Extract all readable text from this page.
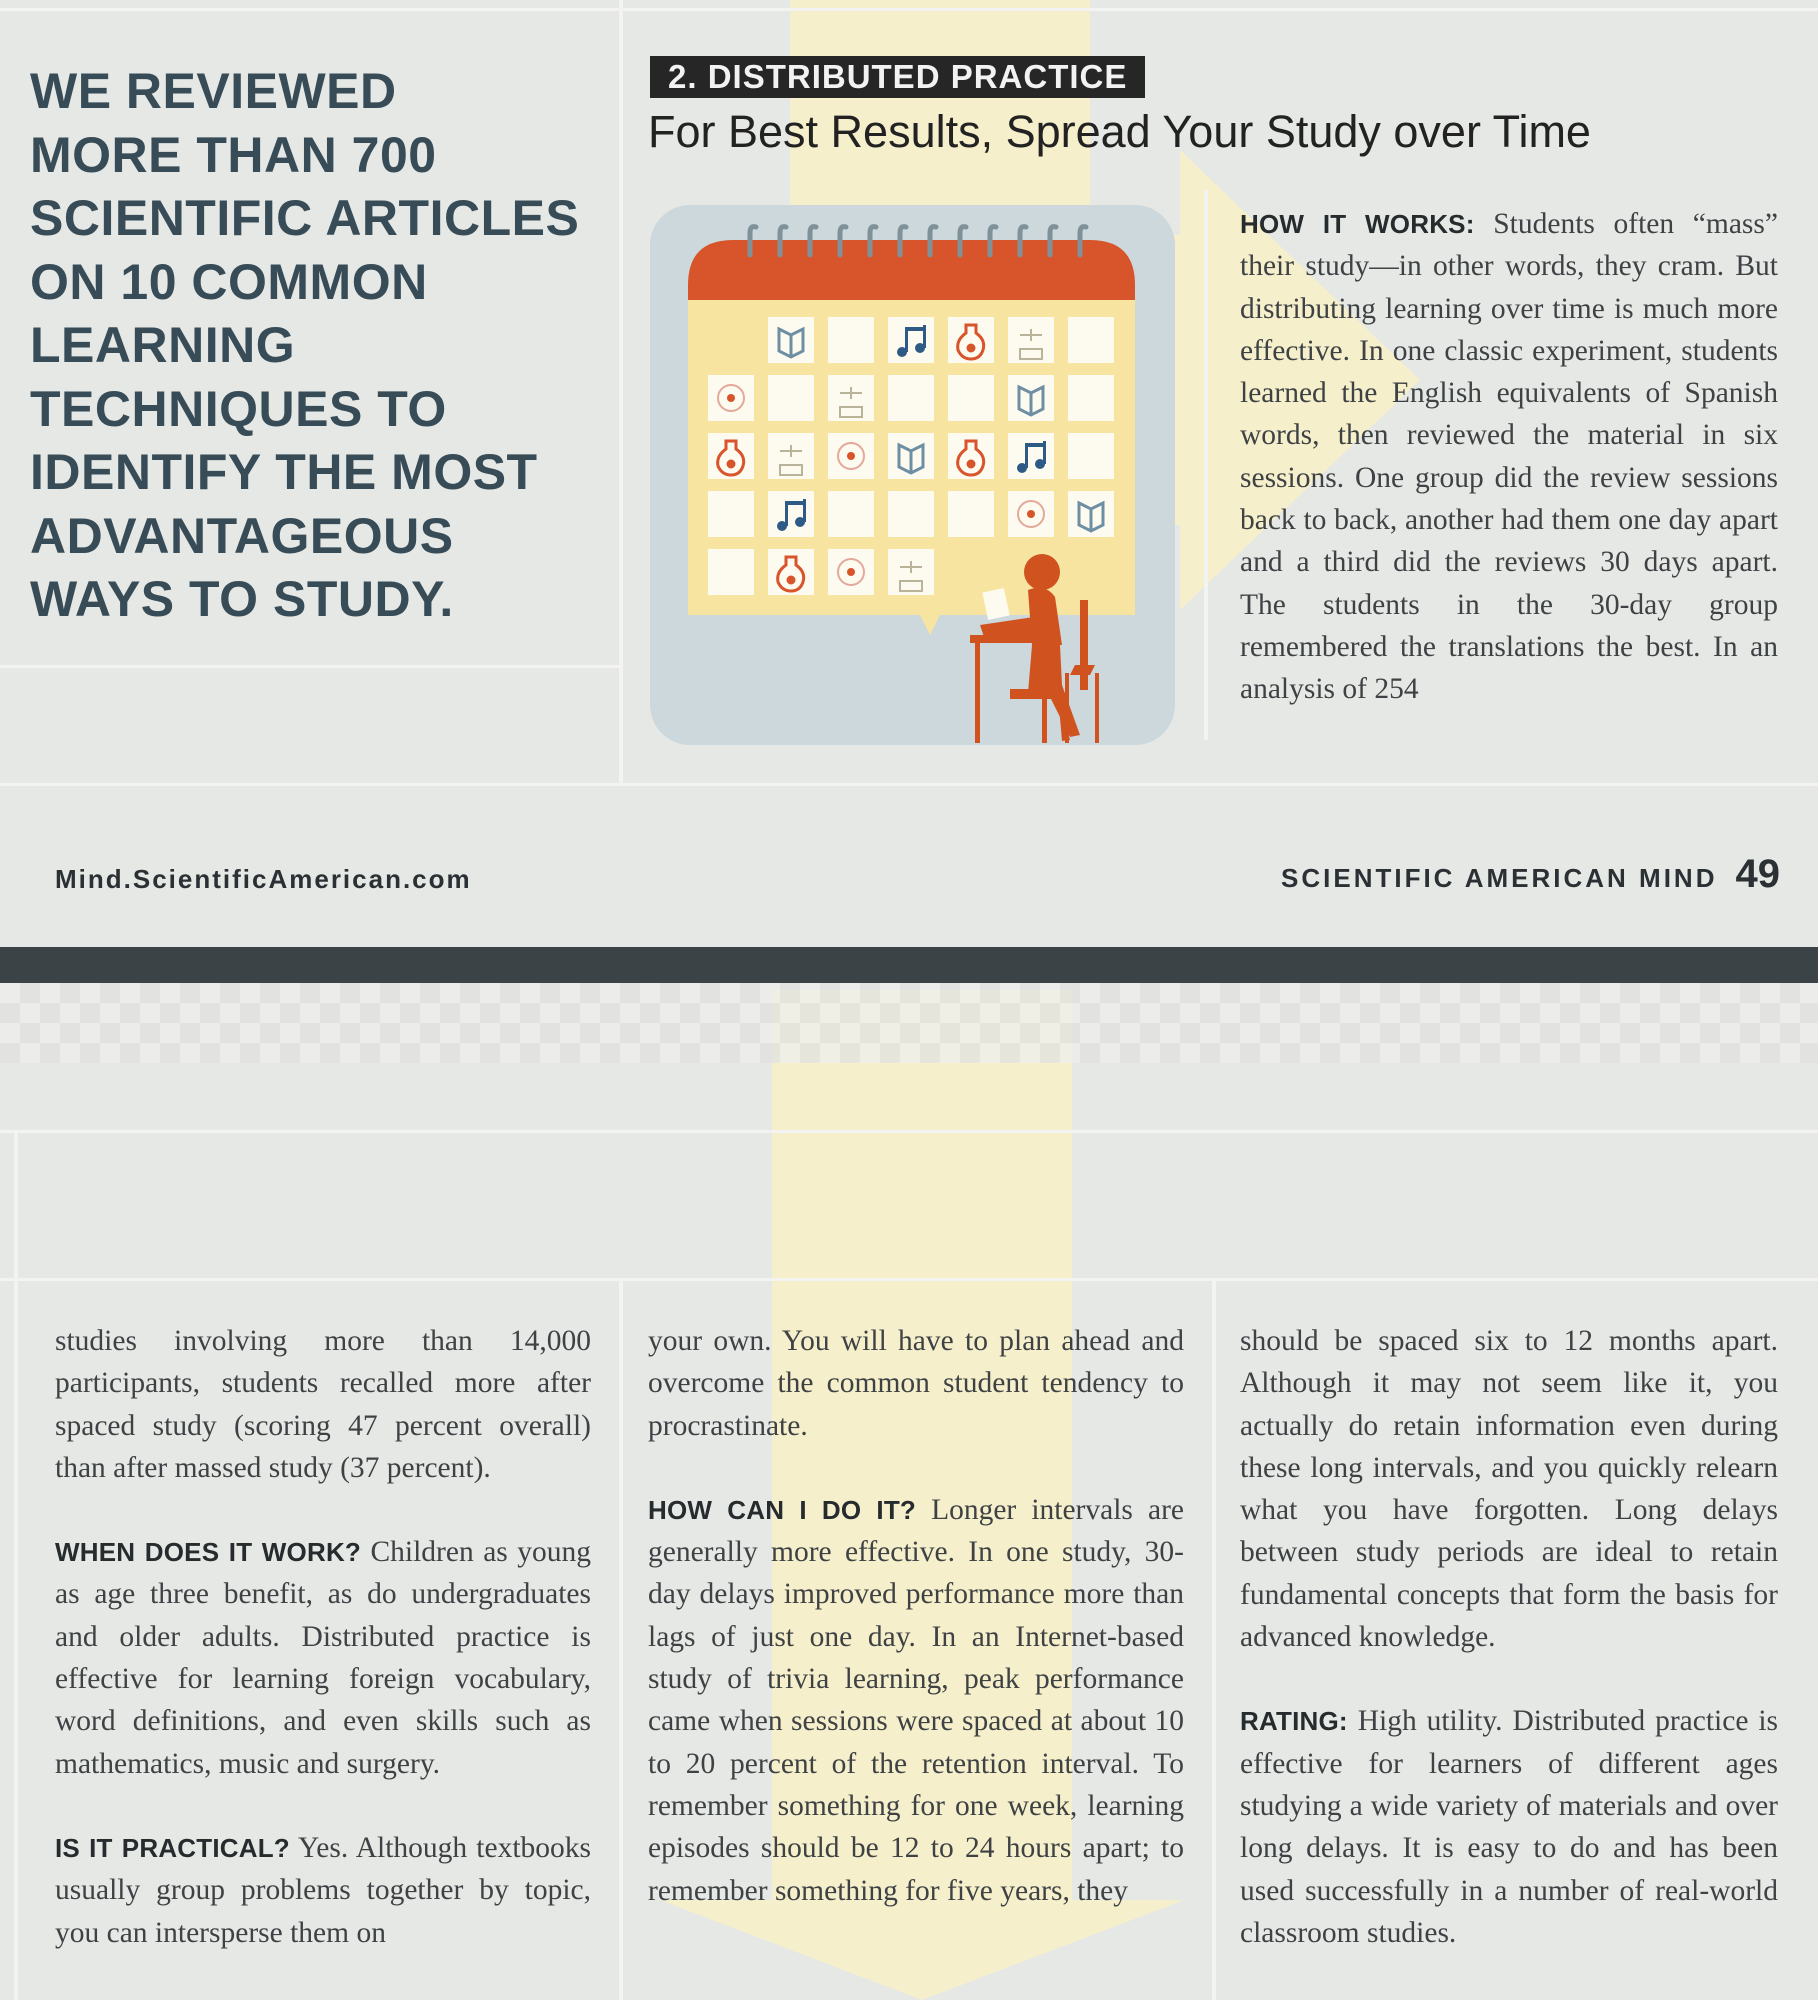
WE REVIEWED
MORE THAN 700
SCIENTIFIC ARTICLES
ON 10 COMMON
LEARNING
TECHNIQUES TO
IDENTIFY THE MOST
ADVANTAGEOUS
WAYS TO STUDY.
2. DISTRIBUTED PRACTICE
For Best Results, Spread Your Study over Time

HOW IT WORKS: Students often “mass” their study—in other words, they cram. But distributing learning over time is much more effective. In one classic experiment, students learned the English equivalents of Spanish words, then reviewed the material in six sessions. One group did the review sessions back to back, another had them one day apart and a third did the reviews 30 days apart. The students in the 30-day group remembered the translations the best. In an analysis of 254

Mind.ScientificAmerican.com	SCIENTIFIC AMERICAN MIND 49

studies involving more than 14,000 participants, students recalled more after spaced study (scoring 47 percent overall) than after massed study (37 percent).

WHEN DOES IT WORK? Children as young as age three benefit, as do undergraduates and older adults. Distributed practice is effective for learning foreign vocabulary, word definitions, and even skills such as mathematics, music and surgery.

IS IT PRACTICAL? Yes. Although textbooks usually group problems together by topic, you can intersperse them on

your own. You will have to plan ahead and overcome the common student tendency to procrastinate.

HOW CAN I DO IT? Longer intervals are generally more effective. In one study, 30-day delays improved performance more than lags of just one day. In an Internet-based study of trivia learning, peak performance came when sessions were spaced at about 10 to 20 percent of the retention interval. To remember something for one week, learning episodes should be 12 to 24 hours apart; to remember something for five years, they

should be spaced six to 12 months apart. Although it may not seem like it, you actually do retain information even during these long intervals, and you quickly relearn what you have forgotten. Long delays between study periods are ideal to retain fundamental concepts that form the basis for advanced knowledge.

RATING: High utility. Distributed practice is effective for learners of different ages studying a wide variety of materials and over long delays. It is easy to do and has been used successfully in a number of real-world classroom studies.
